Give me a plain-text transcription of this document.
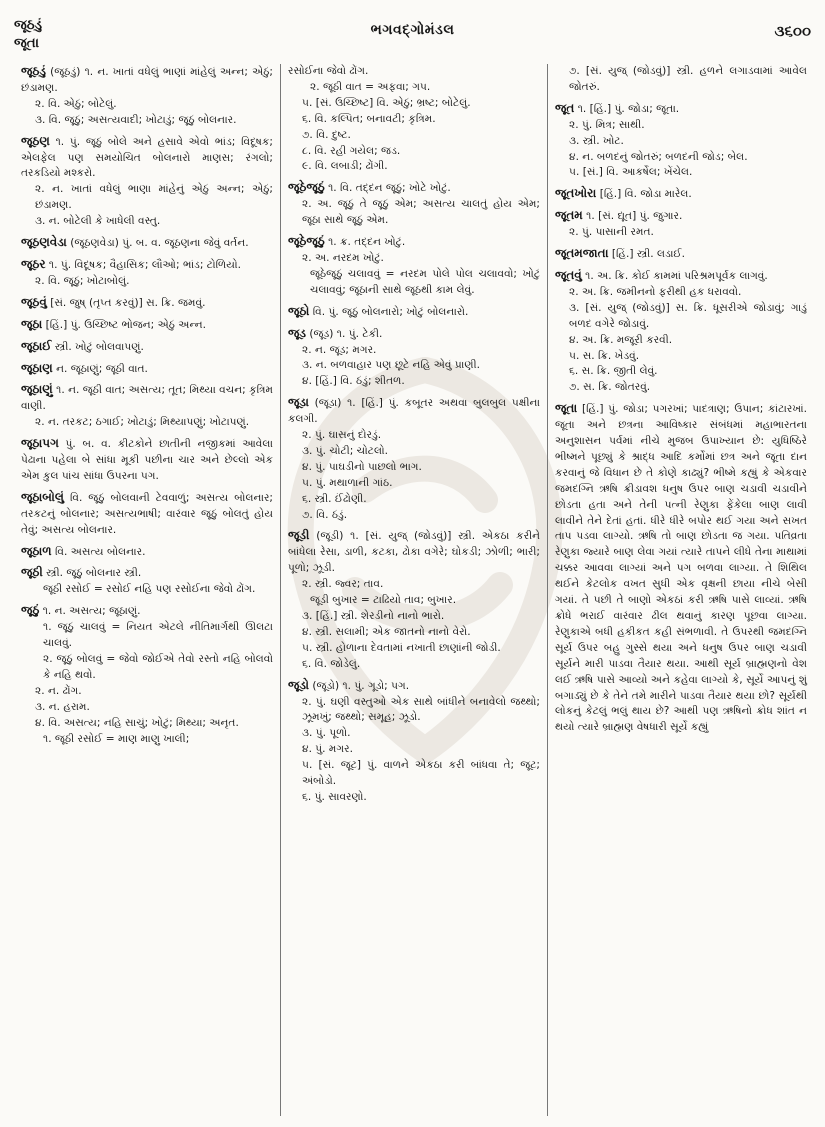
જૂઠડું
જૂતા
ભગવદ્ગોમંડલ	૩૬૦૦
જૂઠડું (જૂઠડું) ૧. ન. ખાતાં વધેલું ભાણાં માંહેલું અન્ન; એઠું; છંડામણ.
૨. વિ. એઠું; બોટેલું.
૩. વિ. જૂઠું; અસત્યવાદી; ખોટાડું; જૂઠું બોલનાર.
જૂઠણ ૧. પું. જૂઠું બોલે અને હસાવે એવો ભાંડ; વિદૂષક; એલફેલ પણ સમયોચિત બોલનારો માણસ; રંગલો; તરકડિયો મશ્કરો.
૨. ન. ખાતાં વધેલું ભાણા માંહેનું એઠું અન્ન; એઠું; છંડામણ.
૩. ન. બોટેલી કે ખાધેલી વસ્તુ.
જૂઠણવેડા (જૂઠણવેડા) પું. બ. વ. જૂઠણના જેવું વર્તન.
જૂઠર ૧. પું. વિદૂષક; વૈહાસિક; લૌઓ; ભાંડ; ટોળિયો.
૨. વિ. જૂઠું; ખોટાબોલું.
જૂઠવું [સં. જુષ્ (તૃપ્ત કરવું)] સ. ક્રિ. જમવું.
જૂઠા [હિં.] પું. ઉચ્છિષ્ટ ભોજન; એઠું અન્ન.
જૂઠાઈ સ્ત્રી. ખોટું બોલવાપણું.
જૂઠાણ ન. જૂઠાણું; જૂઠી વાત.
જૂઠાણું ૧. ન. જૂઠી વાત; અસત્ય; તૂત; મિથ્યા વચન; કૃત્રિમ વાણી.
૨. ન. તરકટ; ઠગાઈ; ખોટાડું; મિથ્યાપણું; ખોટાપણું.
જૂઠાપગ પું. બ. વ. કીટકોને છાતીની નજીકમાં આવેલા પેઢાના પહેલા બે સાંધા મૂકી પછીના ચાર અને છેલ્લો એક એમ કુલ પાંચ સાંધા ઉપરના પગ.
જૂઠાબોલું વિ. જૂઠું બોલવાની ટેવવાળું; અસત્ય બોલનાર; તરકટનું બોલનાર; અસત્યભાષી; વારંવાર જૂઠું બોલતું હોય તેવું; અસત્ય બોલનાર.
જૂઠાળ વિ. અસત્ય બોલનાર.
જૂઠી સ્ત્રી. જૂઠું બોલનાર સ્ત્રી.
જૂઠી રસોઈ = રસોઈ નહિ પણ રસોઈના જેવો ઢોંગ.
જૂઠું ૧. ન. અસત્ય; જૂઠાણું.
૧. જૂઠું ચાલવું = નિયત એટલે નીતિમાર્ગથી ઊલટા ચાલવું.
૨. જૂઠું બોલવું = જેવો જોઈએ તેવો રસ્તો નહિ બોલવો કે નહિ થવો.
૨. ન. ઢોંગ.
૩. ન. હરામ.
૪. વિ. અસત્ય; નહિ સાચું; ખોટું; મિથ્યા; અનૃત.
૧. જૂઠી રસોઈ = માણ માણુ ખાલી;
રસોઈના જેવો ઢોંગ.
૨. જૂઠી વાત = અફવા; ગપ.
૫. [સં. ઉચ્છિષ્ટ] વિ. એઠું; ભ્રષ્ટ; બોટેલું.
૬. વિ. કલ્પિત; બનાવટી; કૃત્રિમ.
૭. વિ. દુષ્ટ.
૮. વિ. રહી ગયેલ; જડ.
૯. વિ. લબાડી; ઢોંગી.
જૂઠેજૂઠું ૧. વિ. તદ્દન જૂઠું; ખોટે ખોટું.
૨. અ. જૂઠું તે જૂઠું એમ; અસત્ય ચાલતું હોય એમ; જૂઠા સાથે જૂઠું એમ.
જૂઠેજૂઠું ૧. ક્ર. તદ્દન ખોટું.
૨. અ. નરદમ ખોટું.
જૂઠેજૂઠું ચલાવવું = નરદમ પોલે પોલ ચલાવવો; ખોટું ચલાવવું; જૂઠાની સાથે જૂઠથી કામ લેવું.
જૂઠો વિ. પું. જૂઠું બોલનારો; ખોટું બોલનારો.
જૂડ (જૂડ) ૧. પું. ટેકી.
૨. ન. જૂડ; મગર.
૩. ન. બળવાહાર પણ છૂટે નહિ એવું પ્રાણી.
૪. [હિં.] વિ. ઠંડું; શીતળ.
જૂડા (જૂડા) ૧. [હિં.] પું. કબૂતર અથવા બુલબુલ પક્ષીના કલગી.
૨. પું. ઘાસનું દોરડું.
૩. પું. ચોટી; ચોટલો.
૪. પું. પાઘડીનો પાછલો ભાગ.
૫. પું. મથાળાની ગાંઠ.
૬. સ્ત્રી. ઈંઢોણી.
૭. વિ. ઠંડું.
જૂડી (જૂડી) ૧. [સં. યુજ્ (જોડવું)] સ્ત્રી. એકઠા કરીને બાંધેલા રેસા, ડાળી, કટકા, ઢોકા વગેરે; ઘોકડી; ઝોળી; ભારી; પૂળો; ઝૂડી.
૨. સ્ત્રી. જ્વર; તાવ.
જૂડી બુખાર = ટાઢિયો તાવ; બુખાર.
૩. [હિં.] સ્ત્રી. શેરડીનો નાનો ભારો.
૪. સ્ત્રી. સલામી; એક જાતનો નાનો વેરો.
૫. સ્ત્રી. હોળાના દેવતામાં નખાતી છાણાંની જોડી.
૬. વિ. જોડેલું.
જૂડો (જૂડો) ૧. પું. ગૂડો; પગ.
૨. પું. ઘણી વસ્તુઓ એક સાથે બાંધીને બનાવેલો જથ્થો; ઝૂમખું; જથ્થો; સમૂહ; ઝૂડો.
૩. પું. પૂળો.
૪. પું. મગર.
૫. [સં. જૂટ] પું. વાળને એકઠા કરી બાંધવા તે; જૂટ; અંબોડો.
૬. પું. સાવરણો.
૭. [સં. યુજ્ (જોડવું)] સ્ત્રી. હળને લગાડવામાં આવેલ જોતરું.
જૂત ૧. [હિં.] પું. જોડા; જૂતા.
૨. પું. મિત્ર; સાથી.
૩. સ્ત્રી. ખોટ.
૪. ન. બળદનું જોતરું; બળદની જોડ; બેલ.
૫. [સં.] વિ. આકર્ષેલ; ખેંચેલ.
જૂતખોરા [હિં.] વિ. જોડા મારેલ.
જૂતમ ૧. [સં. દ્યૂત] પું. જુગાર.
૨. પું. પાસાની રમત.
જૂતમજાતા [હિં.] સ્ત્રી. લડાઈ.
જૂતવું ૧. અ. ક્રિ. કોઈ કામમાં પરિશ્રમપૂર્વક લાગવું.
૨. અ. ક્રિ. જમીનનો ફરીથી હક ધરાવવો.
૩. [સં. યુજ્ (જોડવું)] સ. ક્રિ. ધૂસરીએ જોડાવું; ગાડું બળદ વગેરે જોડાવું.
૪. અ. ક્રિ. મજૂરી કરવી.
૫. સ. ક્રિ. ખેડવું.
૬. સ. ક્રિ. જીતી લેવું.
૭. સ. ક્રિ. જોતરવું.
જૂતા [હિં.] પું. જોડા; પગરખાં; પાદત્રાણ; ઉપાન; કાંટારખાં. જૂતા અને છત્રના આવિષ્કાર સંબંધમાં મહાભારતના અનુશાસન પર્વમાં નીચે મુજબ ઉપાખ્યાન છે: યુધિષ્ઠિરે ભીષ્મને પૂછ્યું કે શ્રાદ્ધ આદિ કર્મોમાં છત્ર અને જૂતા દાન કરવાનું જે વિધાન છે તે કોણે કાઢ્યું? ભીષ્મે કહ્યું કે એકવાર જમદગ્નિ ઋષિ ક્રીડાવશ ધનુષ ઉપર બાણ ચડાવી ચડાવીને છોડતા હતા અને તેની પત્ની રેણુકા ફેંકેલા બાણ લાવી લાવીને તેને દેતાં હતાં. ધીરે ધીરે બપોર થઈ ગયા અને સખત તાપ પડવા લાગ્યો. ઋષિ તો બાણ છોડતા જ ગયા. પતિવ્રતા રેણુકા જ્યારે બાણ લેવા ગયાં ત્યારે તાપને લીધે તેના માથામાં ચક્કર આવવા લાગ્યાં અને પગ બળવા લાગ્યા. તે શિથિલ થઈને કેટલોક વખત સુધી એક વૃક્ષની છાયા નીચે બેસી ગયાં. તે પછી તે બાણો એકઠાં કરી ઋષિ પાસે લાવ્યાં. ઋષિ ક્રોધે ભરાઈ વારંવાર ઢીલ થવાનું કારણ પૂછવા લાગ્યા. રેણુકાએ બધી હકીકત કહી સંભળાવી. તે ઉપરથી જમદગ્નિ સૂર્ય ઉપર બહુ ગુસ્સે થયા અને ધનુષ ઉપર બાણ ચડાવી સૂર્યને મારી પાડવા તૈયાર થયા. આથી સૂર્ય બ્રાહ્મણનો વેશ લઈ ઋષિ પાસે આવ્યો અને કહેવા લાગ્યો કે, સૂર્યે આપનું શું બગાડ્યું છે કે તેને તમે મારીને પાડવા તૈયાર થયા છો? સૂર્યથી લોકનું કેટલું ભલું થાય છે? આથી પણ ઋષિનો ક્રોધ શાંત ન થયો ત્યારે બ્રાહ્મણ વેષધારી સૂર્યે કહ્યું
